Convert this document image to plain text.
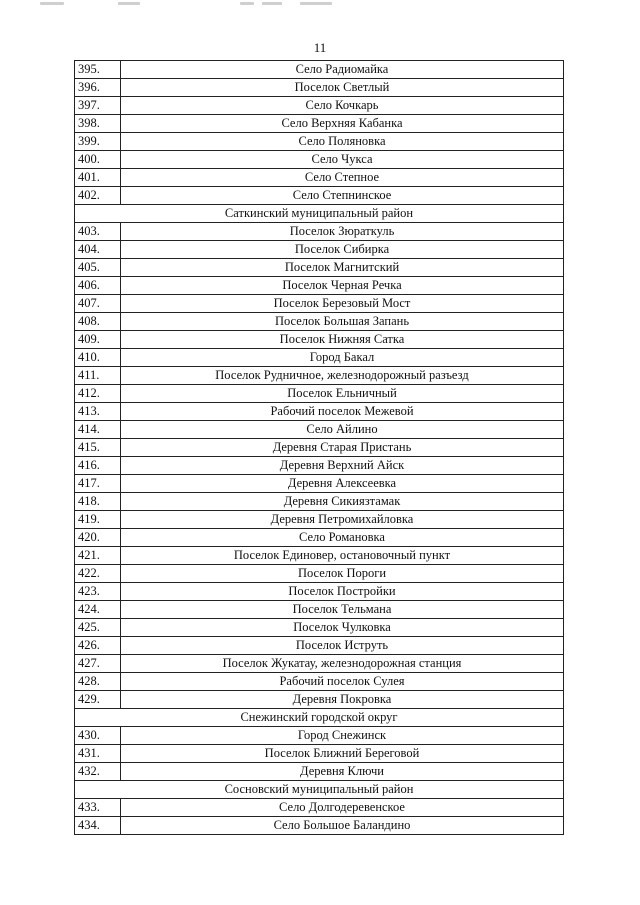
11
395.	Село Радиомайка
396.	Поселок Светлый
397.	Село Кочкарь
398.	Село Верхняя Кабанка
399.	Село Поляновка
400.	Село Чукса
401.	Село Степное
402.	Село Степнинское
Саткинский муниципальный район	
403.	Поселок Зюраткуль
404.	Поселок Сибирка
405.	Поселок Магнитский
406.	Поселок Черная Речка
407.	Поселок Березовый Мост
408.	Поселок Большая Запань
409.	Поселок Нижняя Сатка
410.	Город Бакал
411.	Поселок Рудничное, железнодорожный разъезд
412.	Поселок Ельничный
413.	Рабочий поселок Межевой
414.	Село Айлино
415.	Деревня Старая Пристань
416.	Деревня Верхний Айск
417.	Деревня Алексеевка
418.	Деревня Сикиязтамак
419.	Деревня Петромихайловка
420.	Село Романовка
421.	Поселок Единовер, остановочный пункт
422.	Поселок Пороги
423.	Поселок Постройки
424.	Поселок Тельмана
425.	Поселок Чулковка
426.	Поселок Иструть
427.	Поселок Жукатау, железнодорожная станция
428.	Рабочий поселок Сулея
429.	Деревня Покровка
Снежинский городской округ	
430.	Город Снежинск
431.	Поселок Ближний Береговой
432.	Деревня Ключи
Сосновский муниципальный район	
433.	Село Долгодеревенское
434.	Село Большое Баландино
